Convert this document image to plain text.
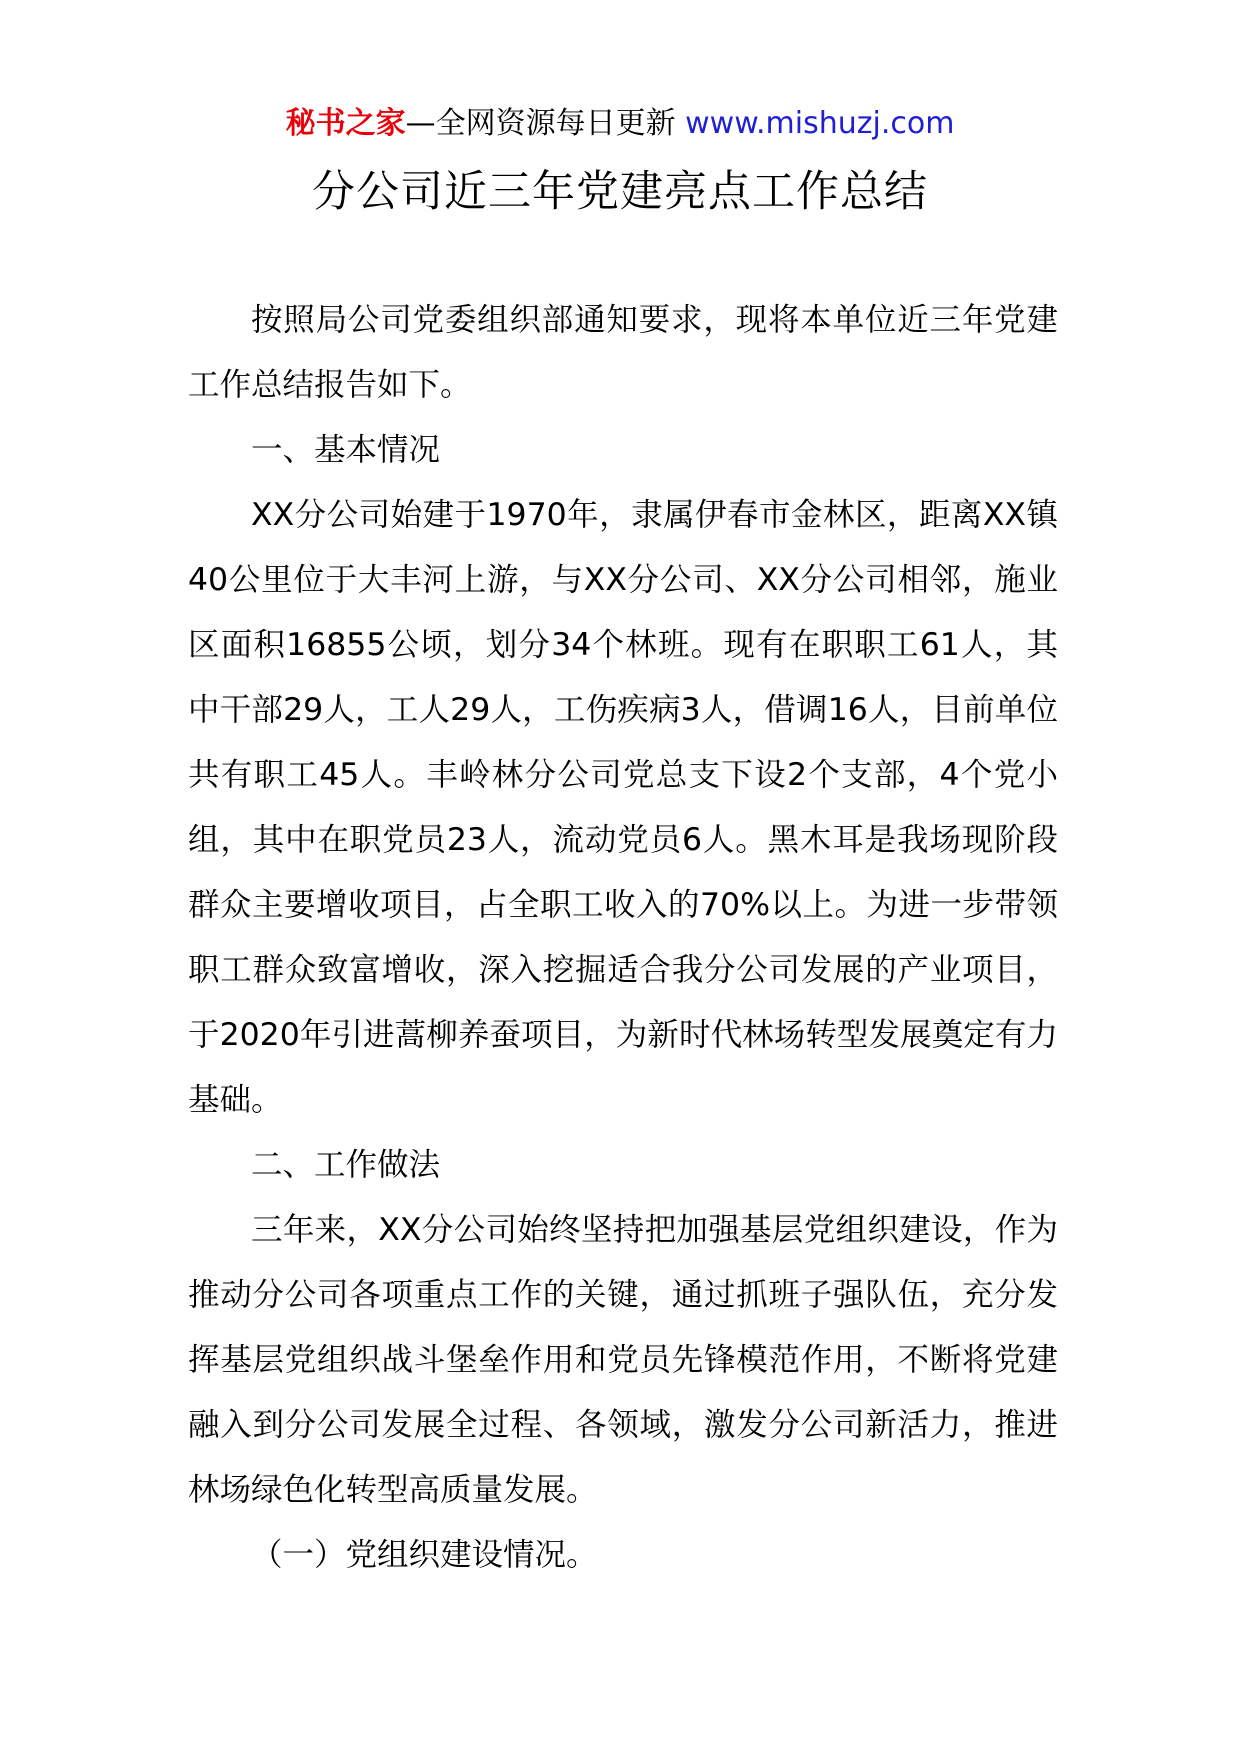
秘书之家—全网资源每日更新 www.mishuzj.com
分公司近三年党建亮点工作总结

按照局公司党委组织部通知要求，现将本单位近三年党建工作总结报告如下。

一、基本情况

XX分公司始建于1970年，隶属伊春市金林区，距离XX镇40公里位于大丰河上游，与XX分公司、XX分公司相邻，施业区面积16855公顷，划分34个林班。现有在职职工61人，其中干部29人，工人29人，工伤疾病3人，借调16人，目前单位共有职工45人。丰岭林分公司党总支下设2个支部，4个党小组，其中在职党员23人，流动党员6人。黑木耳是我场现阶段群众主要增收项目，占全职工收入的70%以上。为进一步带领职工群众致富增收，深入挖掘适合我分公司发展的产业项目，于2020年引进蒿柳养蚕项目，为新时代林场转型发展奠定有力基础。

二、工作做法

三年来，XX分公司始终坚持把加强基层党组织建设，作为推动分公司各项重点工作的关键，通过抓班子强队伍，充分发挥基层党组织战斗堡垒作用和党员先锋模范作用，不断将党建融入到分公司发展全过程、各领域，激发分公司新活力，推进林场绿色化转型高质量发展。

（一）党组织建设情况。
